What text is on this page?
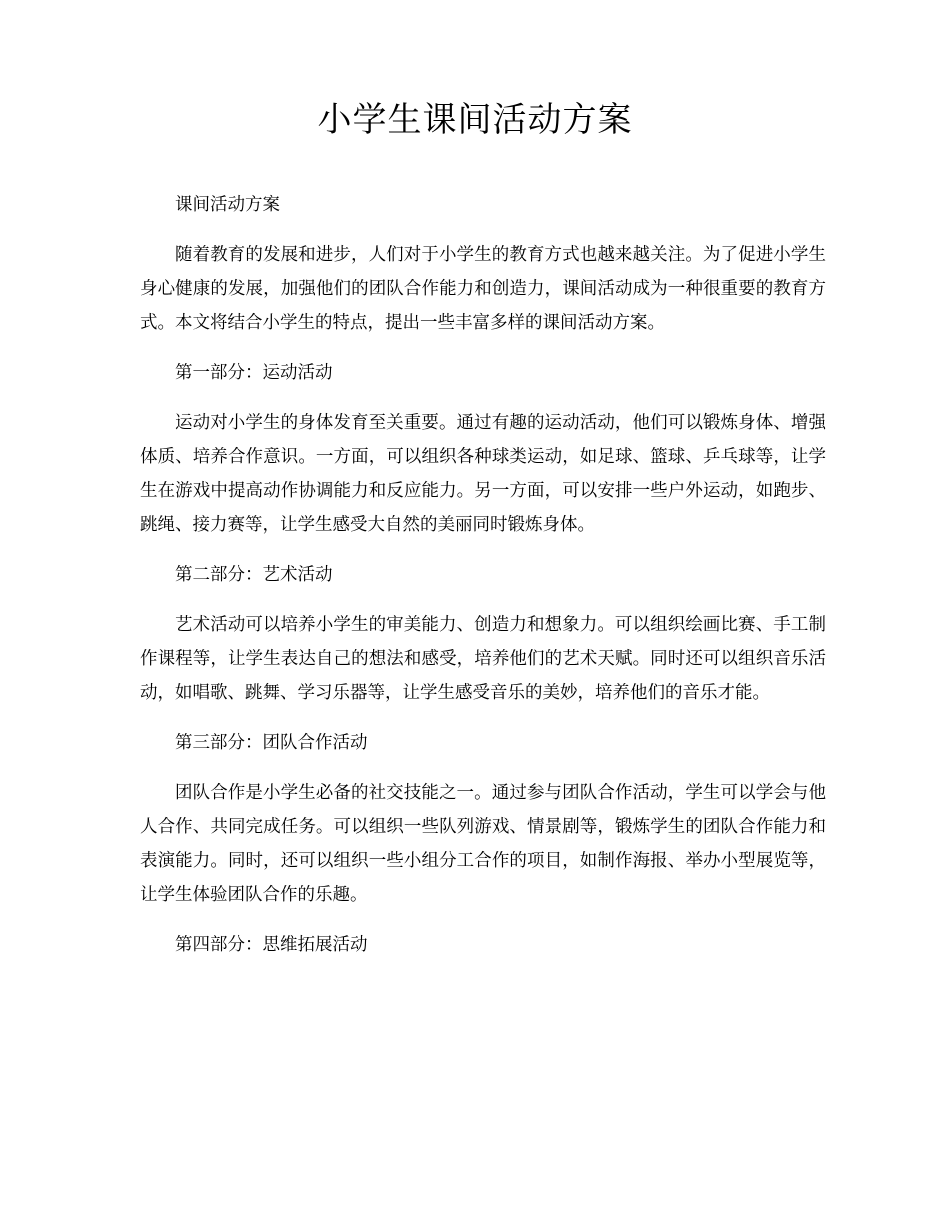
小学生课间活动方案

课间活动方案

随着教育的发展和进步，人们对于小学生的教育方式也越来越关注。为了促进小学生身心健康的发展，加强他们的团队合作能力和创造力，课间活动成为一种很重要的教育方式。本文将结合小学生的特点，提出一些丰富多样的课间活动方案。

第一部分：运动活动

运动对小学生的身体发育至关重要。通过有趣的运动活动，他们可以锻炼身体、增强体质、培养合作意识。一方面，可以组织各种球类运动，如足球、篮球、乒乓球等，让学生在游戏中提高动作协调能力和反应能力。另一方面，可以安排一些户外运动，如跑步、跳绳、接力赛等，让学生感受大自然的美丽同时锻炼身体。

第二部分：艺术活动

艺术活动可以培养小学生的审美能力、创造力和想象力。可以组织绘画比赛、手工制作课程等，让学生表达自己的想法和感受，培养他们的艺术天赋。同时还可以组织音乐活动，如唱歌、跳舞、学习乐器等，让学生感受音乐的美妙，培养他们的音乐才能。

第三部分：团队合作活动

团队合作是小学生必备的社交技能之一。通过参与团队合作活动，学生可以学会与他人合作、共同完成任务。可以组织一些队列游戏、情景剧等，锻炼学生的团队合作能力和表演能力。同时，还可以组织一些小组分工合作的项目，如制作海报、举办小型展览等，让学生体验团队合作的乐趣。

第四部分：思维拓展活动
